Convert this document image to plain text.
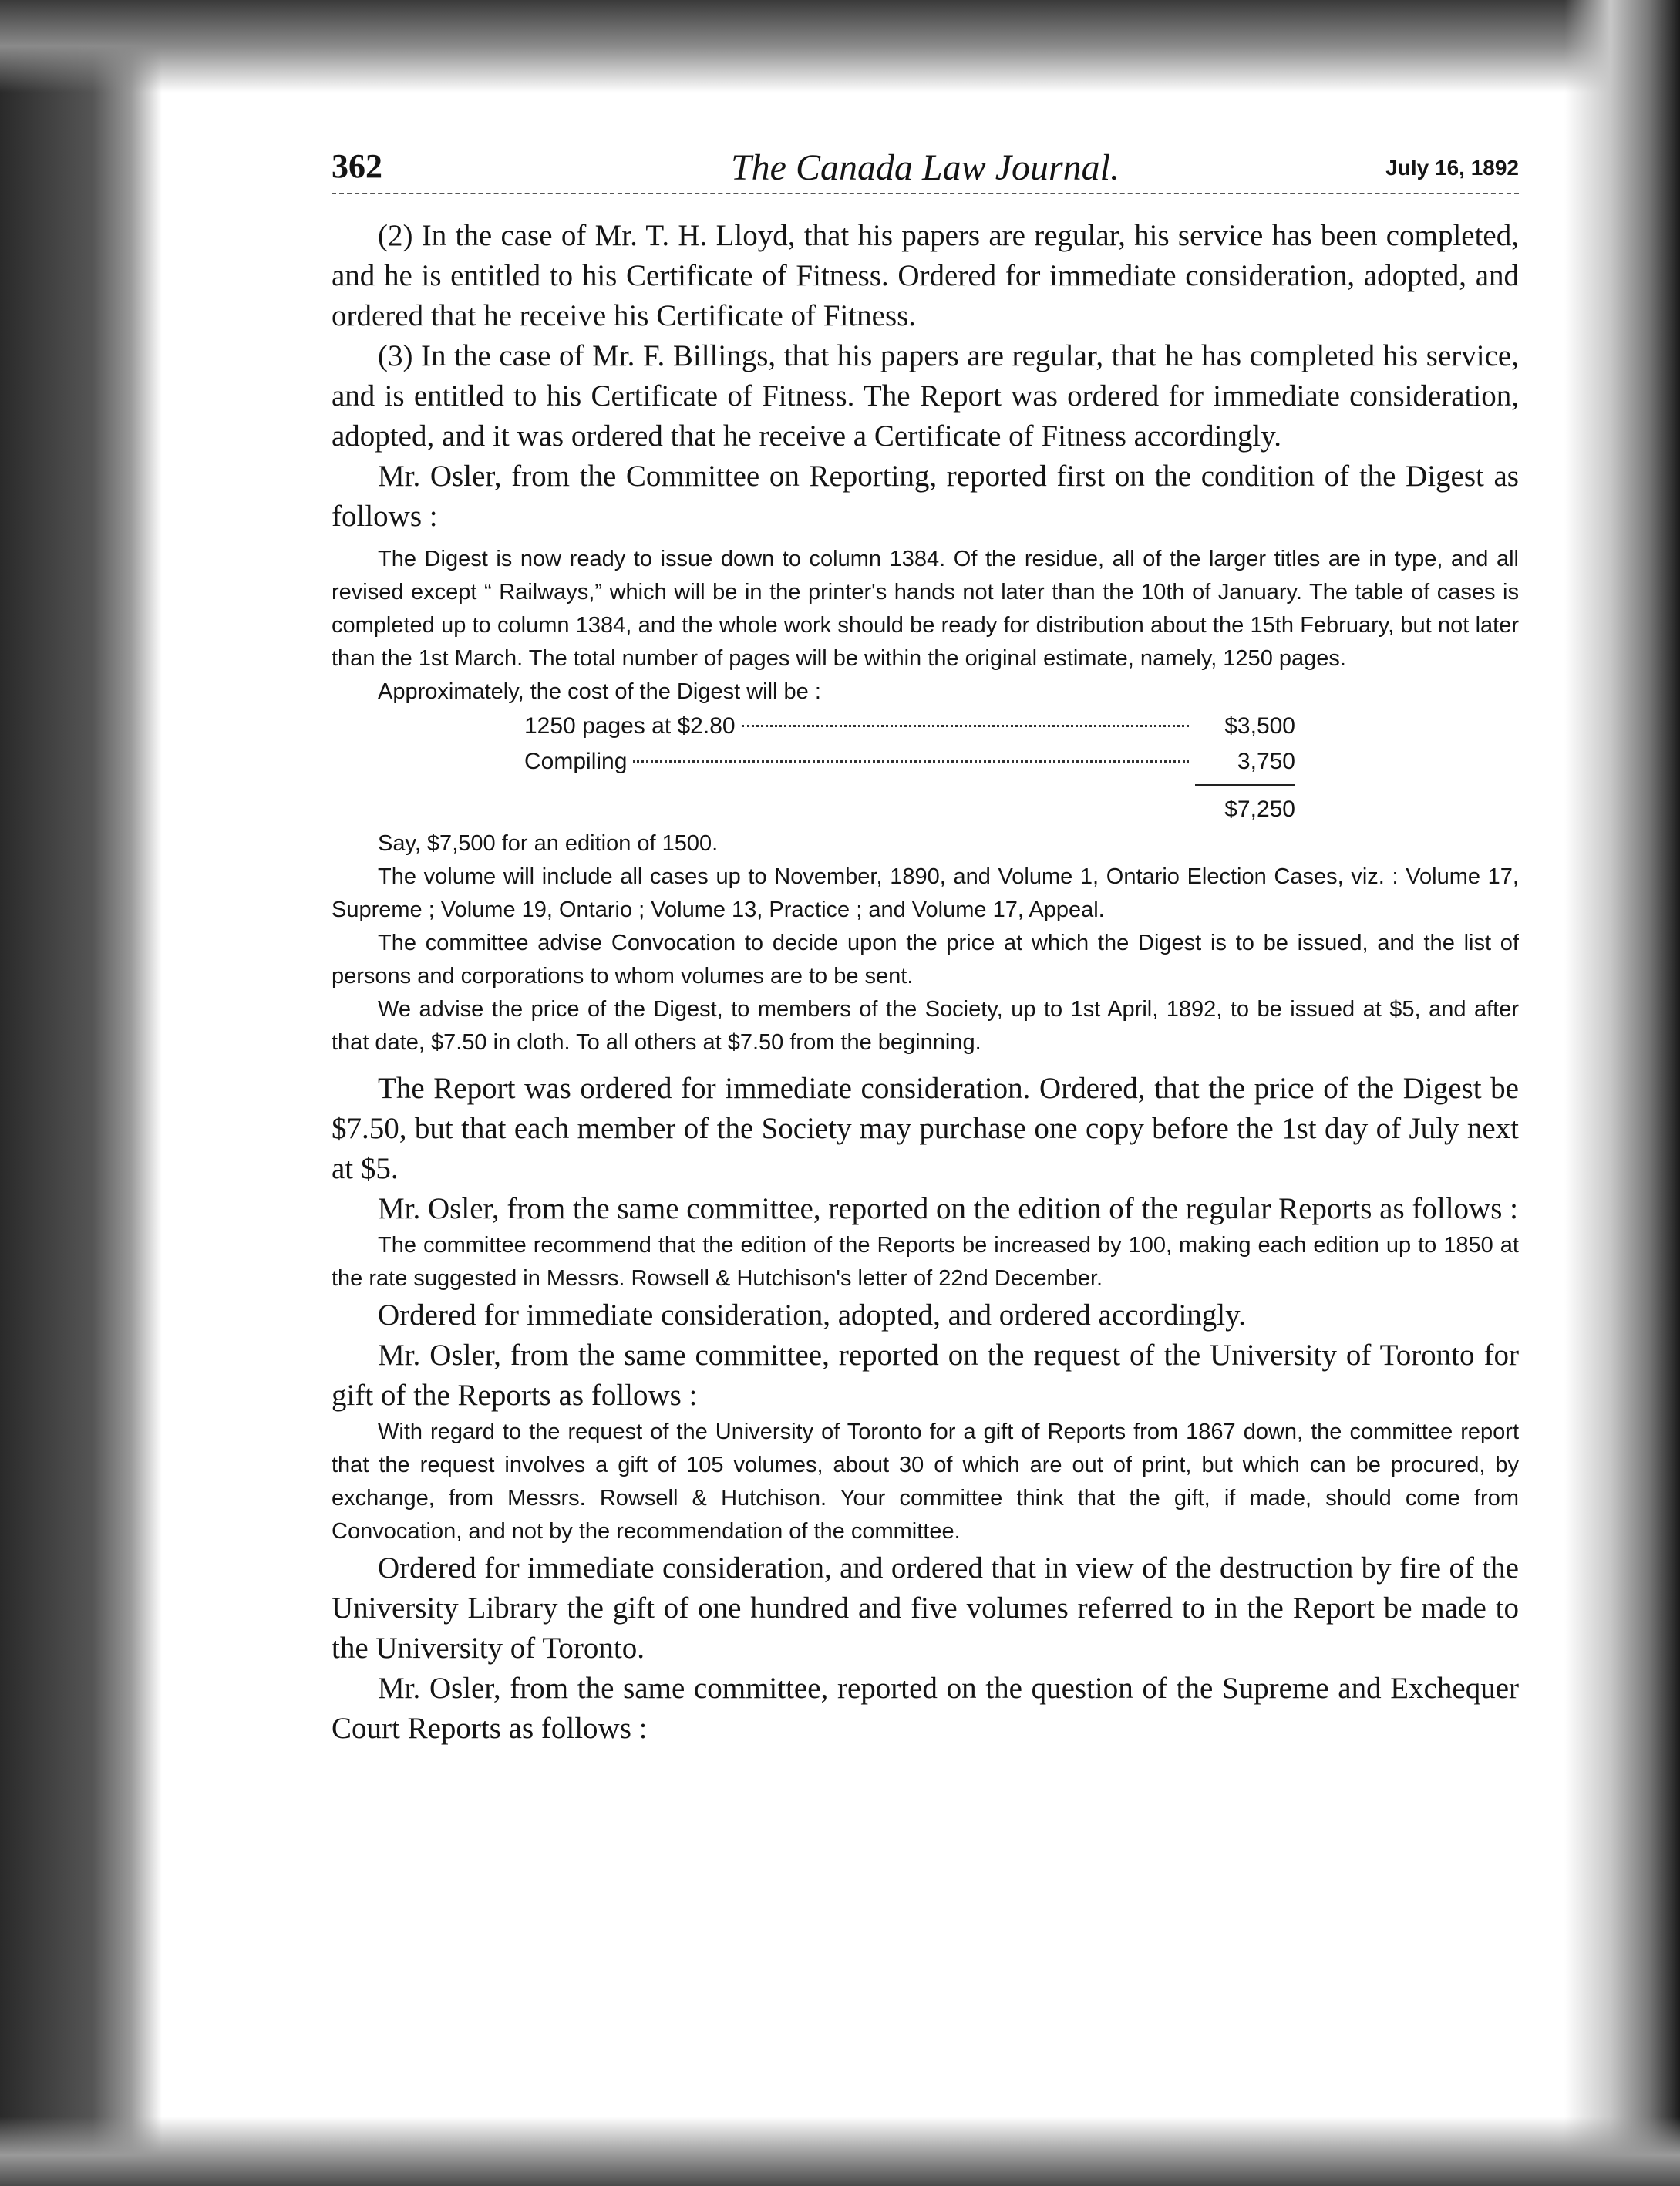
362	The Canada Law Journal.	July 16, 1892

(2) In the case of Mr. T. H. Lloyd, that his papers are regular, his service has been completed, and he is entitled to his Certificate of Fitness. Ordered for immediate consideration, adopted, and ordered that he receive his Certificate of Fitness.

(3) In the case of Mr. F. Billings, that his papers are regular, that he has completed his service, and is entitled to his Certificate of Fitness. The Report was ordered for immediate consideration, adopted, and it was ordered that he receive a Certificate of Fitness accordingly.

Mr. Osler, from the Committee on Reporting, reported first on the condition of the Digest as follows :

The Digest is now ready to issue down to column 1384. Of the residue, all of the larger titles are in type, and all revised except “ Railways,” which will be in the printer's hands not later than the 10th of January. The table of cases is completed up to column 1384, and the whole work should be ready for distribution about the 15th February, but not later than the 1st March. The total number of pages will be within the original estimate, namely, 1250 pages.

Approximately, the cost of the Digest will be :

1250 pages at $2.80	$3,500
Compiling	3,750
$7,250

Say, $7,500 for an edition of 1500.

The volume will include all cases up to November, 1890, and Volume 1, Ontario Election Cases, viz. : Volume 17, Supreme ; Volume 19, Ontario ; Volume 13, Practice ; and Volume 17, Appeal.

The committee advise Convocation to decide upon the price at which the Digest is to be issued, and the list of persons and corporations to whom volumes are to be sent.

We advise the price of the Digest, to members of the Society, up to 1st April, 1892, to be issued at $5, and after that date, $7.50 in cloth. To all others at $7.50 from the beginning.

The Report was ordered for immediate consideration. Ordered, that the price of the Digest be $7.50, but that each member of the Society may purchase one copy before the 1st day of July next at $5.

Mr. Osler, from the same committee, reported on the edition of the regular Reports as follows :

The committee recommend that the edition of the Reports be increased by 100, making each edition up to 1850 at the rate suggested in Messrs. Rowsell & Hutchison's letter of 22nd December.

Ordered for immediate consideration, adopted, and ordered accordingly.

Mr. Osler, from the same committee, reported on the request of the University of Toronto for gift of the Reports as follows :

With regard to the request of the University of Toronto for a gift of Reports from 1867 down, the committee report that the request involves a gift of 105 volumes, about 30 of which are out of print, but which can be procured, by exchange, from Messrs. Rowsell & Hutchison. Your committee think that the gift, if made, should come from Convocation, and not by the recommendation of the committee.

Ordered for immediate consideration, and ordered that in view of the destruction by fire of the University Library the gift of one hundred and five volumes referred to in the Report be made to the University of Toronto.

Mr. Osler, from the same committee, reported on the question of the Supreme and Exchequer Court Reports as follows :
